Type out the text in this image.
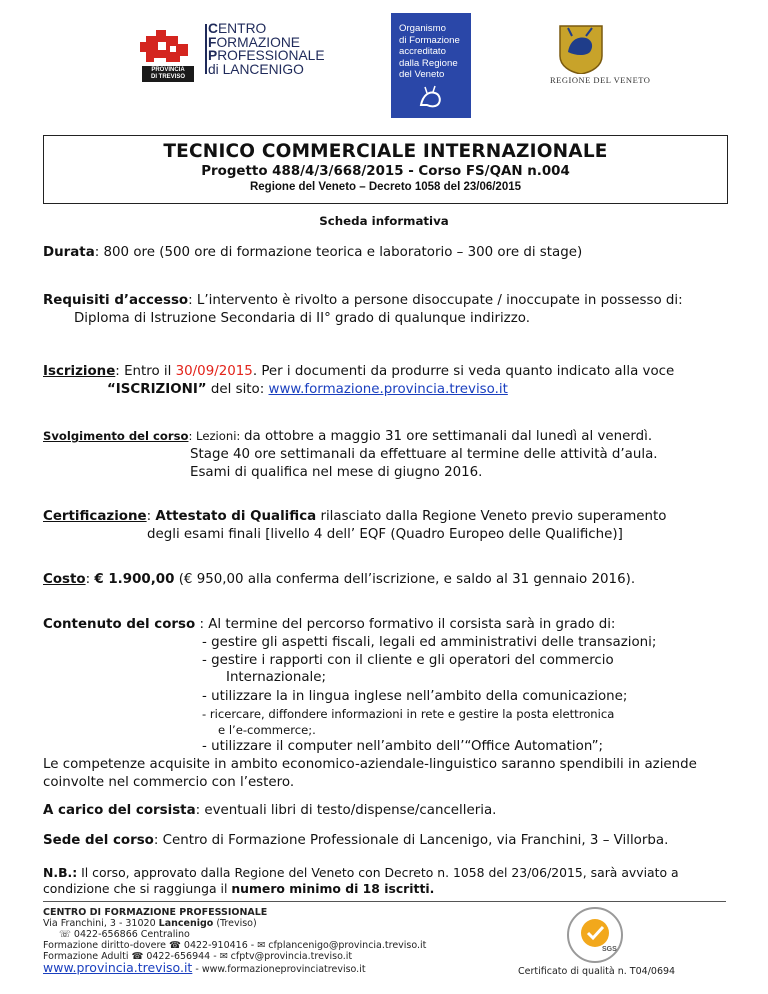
PROVINCIA
DI TREVISO
CENTRO
FORMAZIONE
PROFESSIONALE
di LANCENIGO
Organismo
di Formazione
accreditato
dalla Regione
del Veneto	REGIONE DEL VENETO
TECNICO COMMERCIALE INTERNAZIONALE
Progetto 488/4/3/668/2015 - Corso FS/QAN n.004
Regione del Veneto – Decreto 1058 del 23/06/2015
Scheda informativa
Durata: 800 ore (500 ore di formazione teorica e laboratorio – 300 ore di stage)
Requisiti d’accesso: L’intervento è rivolto a persone disoccupate / inoccupate in possesso di:
Diploma di Istruzione Secondaria di II° grado di qualunque indirizzo.
Iscrizione: Entro il 30/09/2015. Per i documenti da produrre si veda quanto indicato alla voce
“ISCRIZIONI” del sito: www.formazione.provincia.treviso.it
Svolgimento del corso: Lezioni: da ottobre a maggio 31 ore settimanali dal lunedì al venerdì.
Stage 40 ore settimanali da effettuare al termine delle attività d’aula.
Esami di qualifica nel mese di giugno 2016.
Certificazione: Attestato di Qualifica rilasciato dalla Regione Veneto previo superamento
degli esami finali [livello 4 dell’ EQF (Quadro Europeo delle Qualifiche)]
Costo: € 1.900,00 (€ 950,00 alla conferma dell’iscrizione, e saldo al 31 gennaio 2016).
Contenuto del corso : Al termine del percorso formativo il corsista sarà in grado di:
- gestire gli aspetti fiscali, legali ed amministrativi delle transazioni;
- gestire i rapporti con il cliente e gli operatori del commercio
Internazionale;
- utilizzare la in lingua inglese nell’ambito della comunicazione;
- ricercare, diffondere informazioni in rete e gestire la posta elettronica
e l’e-commerce;.
- utilizzare il computer nell’ambito dell’“Office Automation”;
Le competenze acquisite in ambito economico-aziendale-linguistico saranno spendibili in aziende
coinvolte nel commercio con l’estero.
A carico del corsista: eventuali libri di testo/dispense/cancelleria.
Sede del corso: Centro di Formazione Professionale di Lancenigo, via Franchini, 3 – Villorba.
N.B.: Il corso, approvato dalla Regione del Veneto con Decreto n. 1058 del 23/06/2015, sarà avviato a
condizione che si raggiunga il numero minimo di 18 iscritti.
CENTRO DI FORMAZIONE PROFESSIONALE
Via Franchini, 3 - 31020 Lancenigo (Treviso)
☏ 0422-656866 Centralino
Formazione diritto-dovere ☎ 0422-910416 - ✉ cfplancenigo@provincia.treviso.it
Formazione Adulti ☎ 0422-656944 - ✉ cfptv@provincia.treviso.it
www.provincia.treviso.it - www.formazioneprovinciatreviso.it
SGS
Certificato di qualità n. T04/0694
